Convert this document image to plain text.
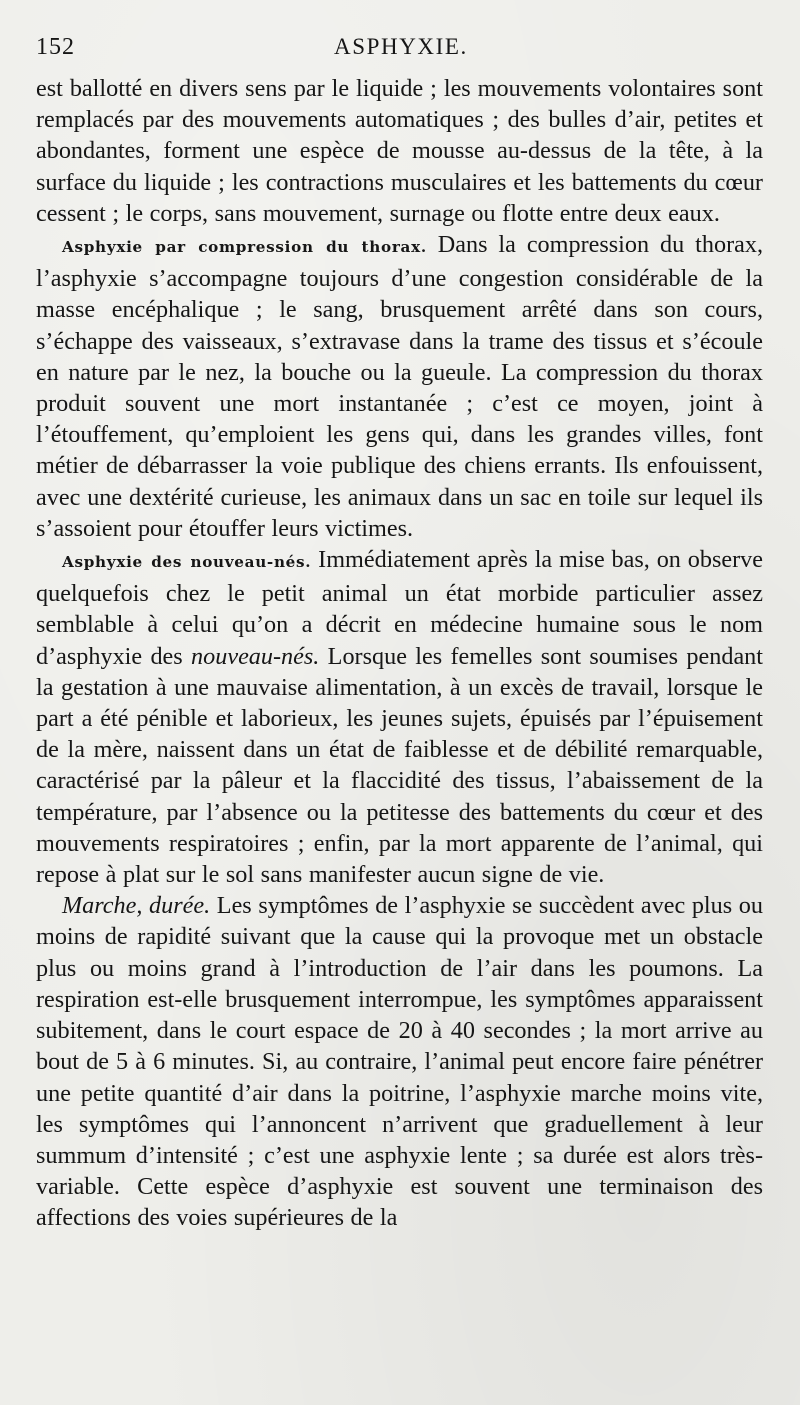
152	ASPHYXIE.

est ballotté en divers sens par le liquide ; les mouvements volontaires sont remplacés par des mouvements automatiques ; des bulles d’air, petites et abondantes, forment une espèce de mousse au-dessus de la tête, à la surface du liquide ; les contractions musculaires et les battements du cœur cessent ; le corps, sans mouvement, surnage ou flotte entre deux eaux.

Asphyxie par compression du thorax. Dans la compression du thorax, l’asphyxie s’accompagne toujours d’une congestion considérable de la masse encéphalique ; le sang, brusquement arrêté dans son cours, s’échappe des vaisseaux, s’extravase dans la trame des tissus et s’écoule en nature par le nez, la bouche ou la gueule. La compression du thorax produit souvent une mort instantanée ; c’est ce moyen, joint à l’étouffement, qu’emploient les gens qui, dans les grandes villes, font métier de débarrasser la voie publique des chiens errants. Ils enfouissent, avec une dextérité curieuse, les animaux dans un sac en toile sur lequel ils s’assoient pour étouffer leurs victimes.

Asphyxie des nouveau-nés. Immédiatement après la mise bas, on observe quelquefois chez le petit animal un état morbide particulier assez semblable à celui qu’on a décrit en médecine humaine sous le nom d’asphyxie des nouveau-nés. Lorsque les femelles sont soumises pendant la gestation à une mauvaise alimentation, à un excès de travail, lorsque le part a été pénible et laborieux, les jeunes sujets, épuisés par l’épuisement de la mère, naissent dans un état de faiblesse et de débilité remarquable, caractérisé par la pâleur et la flaccidité des tissus, l’abaissement de la température, par l’absence ou la petitesse des battements du cœur et des mouvements respiratoires ; enfin, par la mort apparente de l’animal, qui repose à plat sur le sol sans manifester aucun signe de vie.

Marche, durée. Les symptômes de l’asphyxie se succèdent avec plus ou moins de rapidité suivant que la cause qui la provoque met un obstacle plus ou moins grand à l’introduction de l’air dans les poumons. La respiration est-elle brusquement interrompue, les symptômes apparaissent subitement, dans le court espace de 20 à 40 secondes ; la mort arrive au bout de 5 à 6 minutes. Si, au contraire, l’animal peut encore faire pénétrer une petite quantité d’air dans la poitrine, l’asphyxie marche moins vite, les symptômes qui l’annoncent n’arrivent que graduellement à leur summum d’intensité ; c’est une asphyxie lente ; sa durée est alors très-variable. Cette espèce d’asphyxie est souvent une terminaison des affections des voies supérieures de la
